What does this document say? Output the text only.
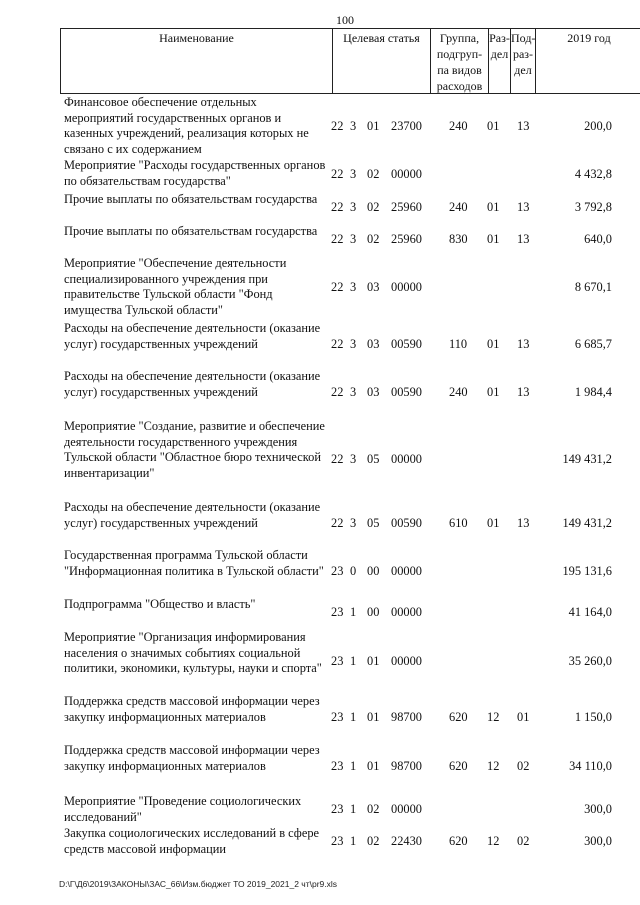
100
Наименование	Целевая статья	Группа,
подгруп-
па видов
расходов
Раз-
дел
Под-
раз-
дел
2019 год
Финансовое обеспечение отдельных мероприятий государственных органов и казенных учреждений, реализация которых не связано с их содержанием
22 3 01 23700 240 01 13	200,0
Мероприятие "Расходы государственных органов по обязательствам государства"	22 3 02 00000	4 432,8
Прочие выплаты по обязательствам государства
22 3 02 25960 240 01 13	3 792,8
Прочие выплаты по обязательствам государства
22 3 02 25960 830 01 13	640,0
Мероприятие "Обеспечение деятельности специализированного учреждения при правительстве Тульской области "Фонд имущества Тульской области"
22 3 03 00000	8 670,1
Расходы на обеспечение деятельности (оказание услуг) государственных учреждений	22 3 03 00590 110 01 13	6 685,7
Расходы на обеспечение деятельности (оказание услуг) государственных учреждений	22 3 03 00590 240 01 13	1 984,4
Мероприятие "Создание, развитие и обеспечение деятельности государственного учреждения Тульской области "Областное бюро технической инвентаризации"
22 3 05 00000	149 431,2
Расходы на обеспечение деятельности (оказание услуг) государственных учреждений	22 3 05 00590 610 01 13	149 431,2
Государственная программа Тульской области "Информационная политика в Тульской области" 23 0 00 00000	195 131,6
Подпрограмма "Общество и власть"
23 1 00 00000	41 164,0
Мероприятие "Организация информирования населения о значимых событиях социальной политики, экономики, культуры, науки и спорта"
23 1 01 00000	35 260,0
Поддержка средств массовой информации через закупку информационных материалов	23 1 01 98700 620 12 01	1 150,0
Поддержка средств массовой информации через закупку информационных материалов	23 1 01 98700 620 12 02	34 110,0
Мероприятие "Проведение социологических исследований"
23 1 02 00000	300,0
Закупка социологических исследований в сфере средств массовой информации
23 1 02 22430 620 12 02	300,0
D:\Г\Д6\2019\ЗАКОНЫ\ЗАС_66\Изм.бюджет ТО 2019_2021_2 чт\pr9.xls
